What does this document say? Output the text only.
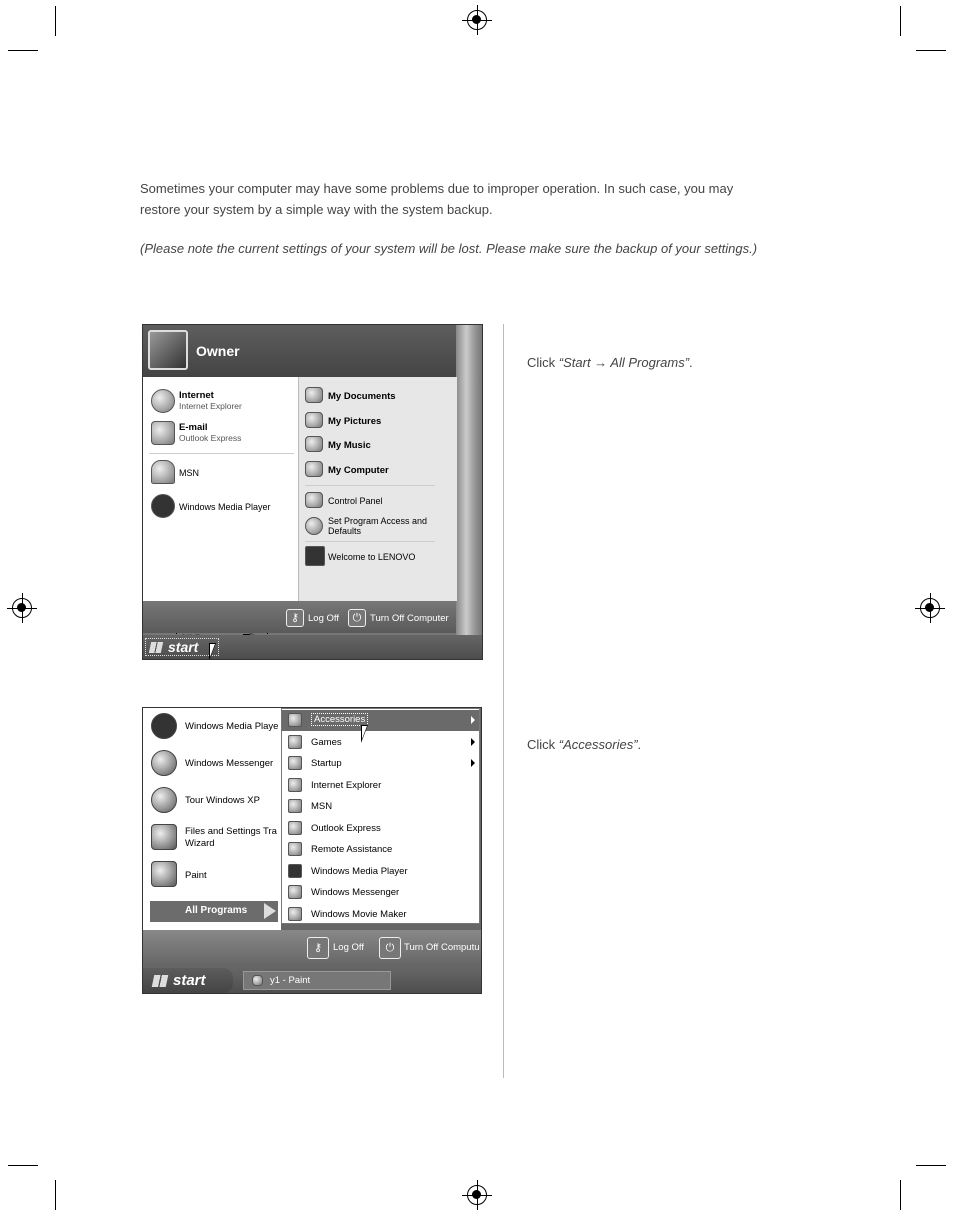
Sometimes your computer may have some problems due to improper operation. In such case, you may
restore your system by a simple way with the system backup.
(Please note the current settings of your system will be lost. Please make sure the backup of your settings.)
Click “Start → All Programs”.
Click “Accessories”.
Owner
Internet
Internet Explorer
E-mail
Outlook Express
MSN
Windows Media Player
My Documents
My Pictures
My Music
My Computer
Control Panel
Set Program Access and
Defaults
Welcome to LENOVO
⚷ Log Off	⏻ Turn Off Computer
start
Windows Media Playe
Windows Messenger
Tour Windows XP
Files and Settings Tra
Wizard
Paint
All Programs
Accessories
Games
Startup
Internet Explorer
MSN
Outlook Express
Remote Assistance
Windows Media Player
Windows Messenger
Windows Movie Maker
⚷	Log Off	⏻	Turn Off Computu
start	y1 - Paint
